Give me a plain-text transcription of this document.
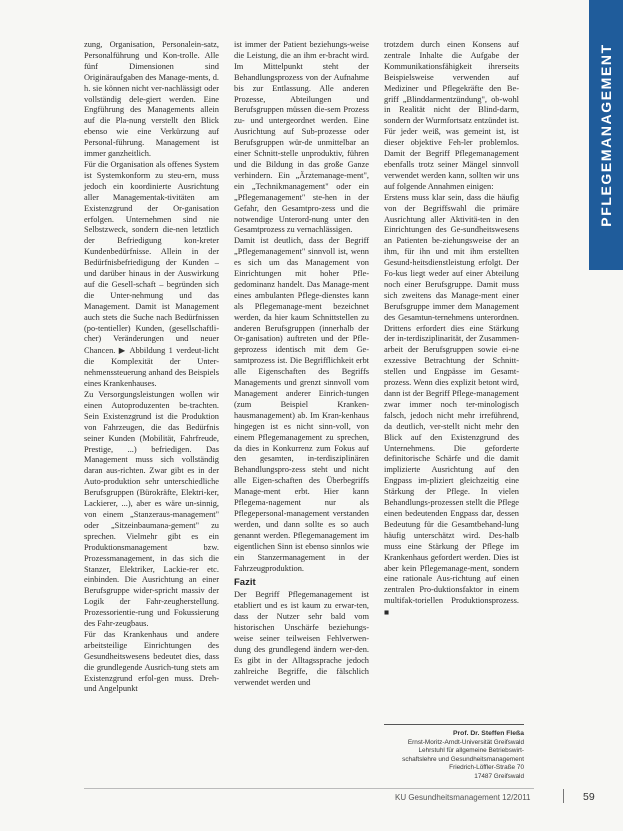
PFLEGEMANAGEMENT

zung, Organisation, Personalein-satz, Personalführung und Kon-trolle. Alle fünf Dimensionen sind Originäraufgaben des Manage-ments, d. h. sie können nicht ver-nachlässigt oder vollständig dele-giert werden. Eine Engführung des Managements allein auf die Pla-nung verstellt den Blick ebenso wie eine Verkürzung auf Personal-führung. Management ist immer ganzheitlich.

Für die Organisation als offenes System ist Systemkonform zu steu-ern, muss jedoch ein koordinierte Ausrichtung aller Managementak-tivitäten am Existenzgrund der Or-ganisation erfolgen. Unternehmen sind nie Selbstzweck, sondern die-nen letztlich der Befriedigung kon-kreter Kundenbedürfnisse. Allein in der Bedürfnisbefriedigung der Kunden – und darüber hinaus in der Auswirkung auf die Gesell-schaft – begründen sich die Unter-nehmung und das Management. Damit ist Management auch stets die Suche nach Bedürfnissen (po-tentieller) Kunden, (gesellschaftli-cher) Veränderungen und neuer Chancen. ▶ Abbildung 1 verdeut-licht die Komplexität der Unter-nehmenssteuerung anhand des Beispiels eines Krankenhauses.

Zu Versorgungsleistungen wollen wir einen Autoproduzenten be-trachten. Sein Existenzgrund ist die Produktion von Fahrzeugen, die das Bedürfnis seiner Kunden (Mobilität, Fahrfreude, Prestige, ...) befriedigen. Das Management muss sich vollständig daran aus-richten. Zwar gibt es in der Auto-produktion sehr unterschiedliche Berufsgruppen (Bürokräfte, Elektri-ker, Lackierer, ...), aber es wäre un-sinnig, von einem „Stanzeraus-management" oder „Sitzeinbaumana-gement" zu sprechen. Vielmehr gibt es ein Produktionsmanagement bzw. Prozessmanagement, in das sich die Stanzer, Elektriker, Lackie-rer etc. einbinden. Die Ausrichtung an einer Berufsgruppe wider-spricht massiv der Logik der Fahr-zeugherstellung. Prozessorientie-rung und Fokussierung des Fahr-zeugbaus.

Für das Krankenhaus und andere arbeitsteilige Einrichtungen des Gesundheitswesens bedeutet dies, dass die grundlegende Ausrich-tung stets am Existenzgrund erfol-gen muss. Dreh- und Angelpunkt

ist immer der Patient beziehungs-weise die Leistung, die an ihm er-bracht wird. Im Mittelpunkt steht der Behandlungsprozess von der Aufnahme bis zur Entlassung. Alle anderen Prozesse, Abteilungen und Berufsgruppen müssen die-sem Prozess zu- und untergeordnet werden. Eine Ausrichtung auf Sub-prozesse oder Berufsgruppen wür-de unmittelbar an einer Schnitt-stelle unproduktiv, führen und die Bildung in das große Ganze verhindern. Ein „Ärztemanage-ment", ein „Technikmanagement" oder ein „Pflegemanagement" ste-hen in der Gefahr, den Gesamtpro-zess und die notwendige Unterord-nung unter den Gesamtprozess zu vernachlässigen.

Damit ist deutlich, dass der Begriff „Pflegemanagement" sinnvoll ist, wenn es sich um das Management von Einrichtungen mit hoher Pfle-gedominanz handelt. Das Manage-ment eines ambulanten Pflege-dienstes kann als Pflegemanage-ment bezeichnet werden, da hier kaum Schnittstellen zu anderen Berufsgruppen (innerhalb der Or-ganisation) auftreten und der Pfle-geprozess identisch mit dem Ge-samtprozess ist. Die Begrifflichkeit erbt alle Eigenschaften des Begriffs Managements und grenzt sinnvoll vom Management anderer Einrich-tungen (zum Beispiel Kranken-hausmanagement) ab. Im Kran-kenhaus hingegen ist es nicht sinn-voll, von einem Pflegemanagement zu sprechen, da dies in Konkurrenz zum Fokus auf den gesamten, in-terdisziplinären Behandlungspro-zess steht und nicht alle Eigen-schaften des Überbegriffs Manage-ment erbt. Hier kann Pflegema-nagement nur als Pflegepersonal-management verstanden werden, und dann sollte es so auch genannt werden. Pflegemanagement im eigentlichen Sinn ist ebenso sinnlos wie ein Stanzermanagement in der Fahrzeugproduktion.

Fazit

Der Begriff Pflegemanagement ist etabliert und es ist kaum zu erwar-ten, dass der Nutzer sehr bald vom historischen Unschärfe beziehungs-weise seiner teilweisen Fehlverwen-dung des grundlegend ändern wer-den. Es gibt in der Alltagssprache jedoch zahlreiche Begriffe, die fälschlich verwendet werden und

trotzdem durch einen Konsens auf zentrale Inhalte die Aufgabe der Kommunikationsfähigkeit ihrerseits Beispielsweise verwenden auf Mediziner und Pflegekräfte den Be-griff „Blinddarmentzündung", ob-wohl in Realität nicht der Blind-darm, sondern der Wurmfortsatz entzündet ist. Für jeder weiß, was gemeint ist, ist dieser objektive Feh-ler problemlos. Damit der Begriff Pflegemanagement ebenfalls trotz seiner Mängel sinnvoll verwendet werden kann, sollten wir uns auf folgende Annahmen einigen:

Erstens muss klar sein, dass die häufig von der Begriffswahl die primäre Ausrichtung aller Aktivitä-ten in den Einrichtungen des Ge-sundheitswesens an Patienten be-ziehungsweise der an ihm, für ihn und mit ihm erstellten Gesund-heitsdienstleistung erfolgt. Der Fo-kus liegt weder auf einer Abteilung noch einer Berufsgruppe. Damit muss sich zweitens das Manage-ment einer Berufsgruppe immer dem Management des Gesamtun-ternehmens unterordnen. Drittens erfordert dies eine Stärkung der in-terdisziplinarität, der Zusammen-arbeit der Berufsgruppen sowie ei-ne exzessive Betrachtung der Schnitt-stellen und Engpässe im Gesamt-prozess. Wenn dies explizit betont wird, dann ist der Begriff Pflege-management zwar immer noch ter-minologisch falsch, jedoch nicht mehr irreführend, da deutlich, ver-stellt nicht mehr den Blick auf den Existenzgrund des Unternehmens. Die geforderte definitorische Schärfe und die damit implizierte Ausrichtung auf den Engpass im-pliziert gleichzeitig eine Stärkung der Pflege. In vielen Behandlungs-prozessen stellt die Pflege einen bedeutenden Engpass dar, dessen Bedeutung für die Gesamtbehand-lung häufig unterschätzt wird. Des-halb muss eine Stärkung der Pflege im Krankenhaus gefordert werden. Dies ist aber kein Pflegemanage-ment, sondern eine rationale Aus-richtung auf einen zentralen Pro-duktionsfaktor in einem multifak-toriellen Produktionsprozess. ■

Prof. Dr. Steffen Fleßa
Ernst-Moritz-Arndt-Universität Greifswald
Lehrstuhl für allgemeine Betriebswirt-
schaftslehre und Gesundheitsmanagement
Friedrich-Löffler-Straße 70
17487 Greifswald
KU Gesundheitsmanagement 12/2011	59
